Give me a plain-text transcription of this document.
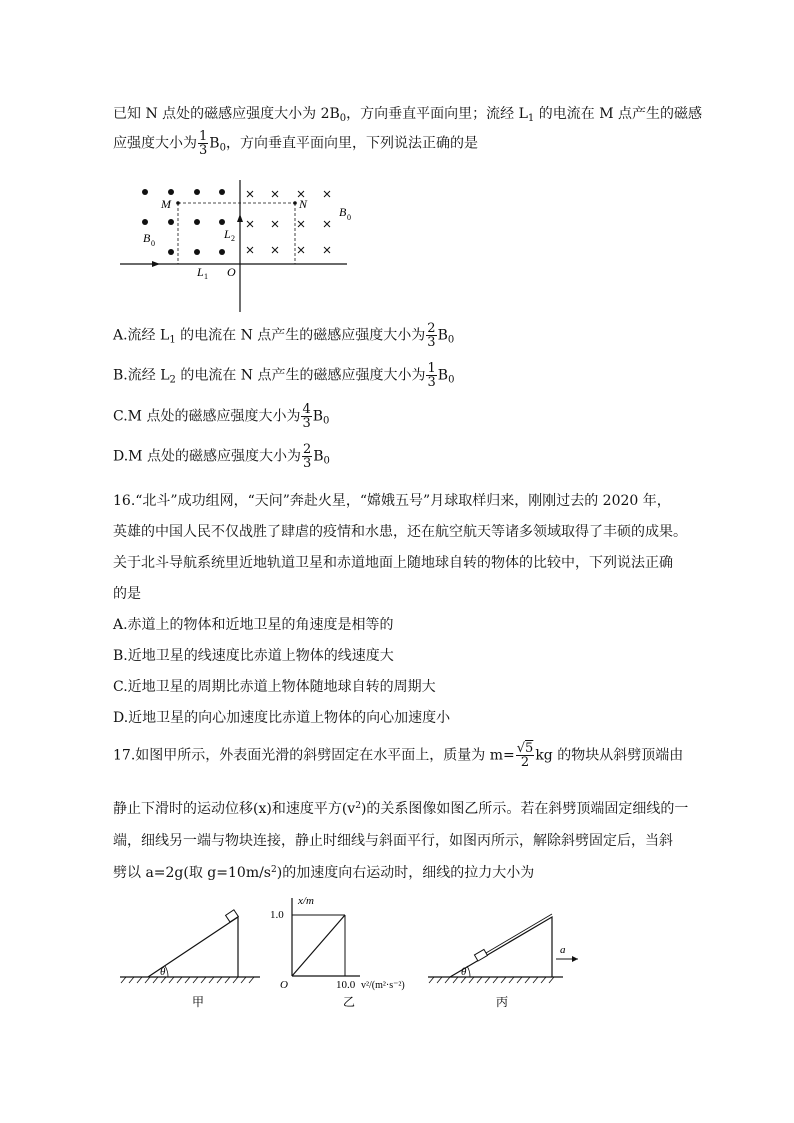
已知 N 点处的磁感应强度大小为 $2B_0$，方向垂直平面向里；流经 $L_1$ 的电流在 M 点产生的磁感
应强度大小为 $\frac{1}{3} B_0$，方向垂直平面向里，下列说法正确的是
M	N
O
B 0
B 0
L 1
L 2
A.流经 $L_1$ 的电流在 N 点产生的磁感应强度大小为 $\frac{2}{3} B_0$
B.流经 $L_2$ 的电流在 N 点产生的磁感应强度大小为 $\frac{1}{3} B_0$
C.M 点处的磁感应强度大小为 $\frac{4}{3} B_0$
D.M 点处的磁感应强度大小为 $\frac{2}{3} B_0$
16.“北斗”成功组网，“天问”奔赴火星，“嫦娥五号”月球取样归来，刚刚过去的 2020 年，
英雄的中国人民不仅战胜了肆虐的疫情和水患，还在航空航天等诸多领域取得了丰硕的成果。
关于北斗导航系统里近地轨道卫星和赤道地面上随地球自转的物体的比较中，下列说法正确
的是
A.赤道上的物体和近地卫星的角速度是相等的
B.近地卫星的线速度比赤道上物体的线速度大
C.近地卫星的周期比赤道上物体随地球自转的周期大
D.近地卫星的向心加速度比赤道上物体的向心加速度小
17.如图甲所示，外表面光滑的斜劈固定在水平面上，质量为 $m= \frac{√5}{2}$ kg 的物块从斜劈顶端由
静止下滑时的运动位移(x)和速度平方$(v^2)$的关系图像如图乙所示。若在斜劈顶端固定细线的一
端，细线另一端与物块连接，静止时细线与斜面平行，如图丙所示，解除斜劈固定后，当斜
劈以 a=2g(取 $g=10m/s^2$)的加速度向右运动时，细线的拉力大小为
θ
甲
x/m
1.0
10.0 v²/(m²·s⁻²)
O
乙
θ
a
丙
